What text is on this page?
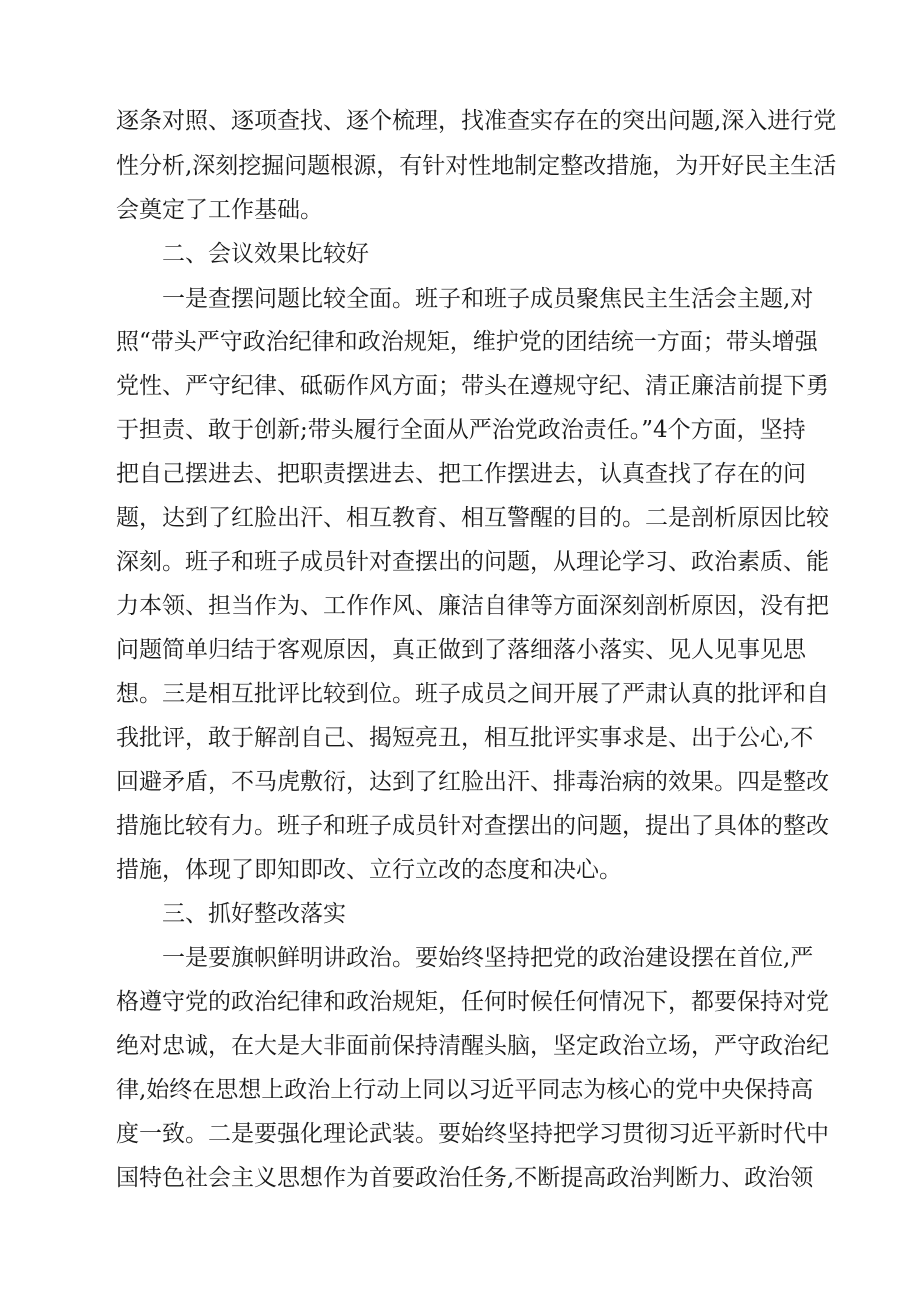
逐条对照、逐项查找、逐个梳理，找准查实存在的突出问题,深入进行党
性分析,深刻挖掘问题根源，有针对性地制定整改措施，为开好民主生活
会奠定了工作基础。
二、会议效果比较好
一是查摆问题比较全面。班子和班子成员聚焦民主生活会主题,对
照“带头严守政治纪律和政治规矩，维护党的团结统一方面；带头增强
党性、严守纪律、砥砺作风方面；带头在遵规守纪、清正廉洁前提下勇
于担责、敢于创新;带头履行全面从严治党政治责任。”4个方面，坚持
把自己摆进去、把职责摆进去、把工作摆进去，认真查找了存在的问
题，达到了红脸出汗、相互教育、相互警醒的目的。二是剖析原因比较
深刻。班子和班子成员针对查摆出的问题，从理论学习、政治素质、能
力本领、担当作为、工作作风、廉洁自律等方面深刻剖析原因，没有把
问题简单归结于客观原因，真正做到了落细落小落实、见人见事见思
想。三是相互批评比较到位。班子成员之间开展了严肃认真的批评和自
我批评，敢于解剖自己、揭短亮丑，相互批评实事求是、出于公心,不
回避矛盾，不马虎敷衍，达到了红脸出汗、排毒治病的效果。四是整改
措施比较有力。班子和班子成员针对查摆出的问题，提出了具体的整改
措施，体现了即知即改、立行立改的态度和决心。
三、抓好整改落实
一是要旗帜鲜明讲政治。要始终坚持把党的政治建设摆在首位,严
格遵守党的政治纪律和政治规矩，任何时候任何情况下，都要保持对党
绝对忠诚，在大是大非面前保持清醒头脑，坚定政治立场，严守政治纪
律,始终在思想上政治上行动上同以习近平同志为核心的党中央保持高
度一致。二是要强化理论武装。要始终坚持把学习贯彻习近平新时代中
国特色社会主义思想作为首要政治任务,不断提高政治判断力、政治领
